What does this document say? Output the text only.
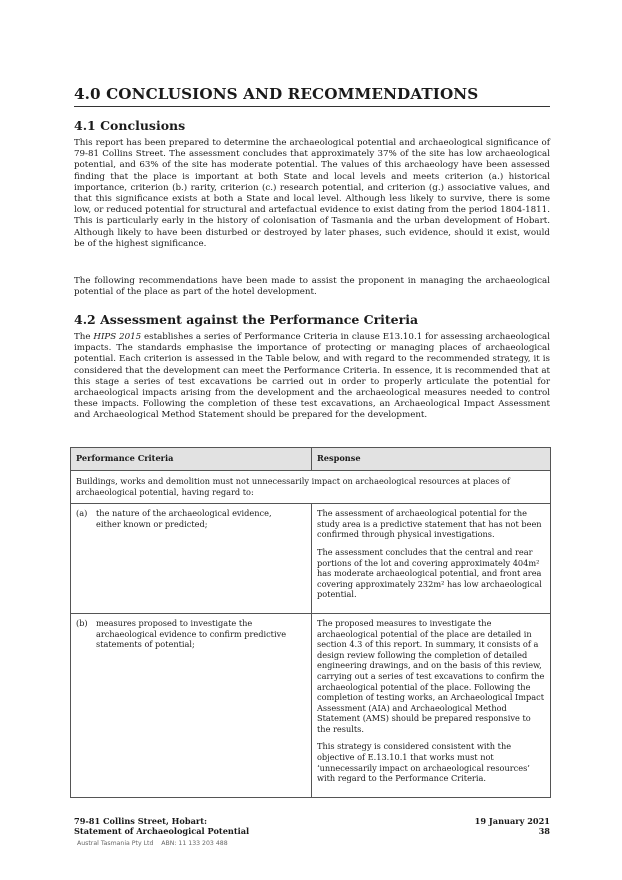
4.0 CONCLUSIONS AND RECOMMENDATIONS
4.1 Conclusions
This report has been prepared to determine the archaeological potential and archaeological significance of 79-81 Collins Street. The assessment concludes that approximately 37% of the site has low archaeological potential, and 63% of the site has moderate potential. The values of this archaeology have been assessed finding that the place is important at both State and local levels and meets criterion (a.) historical importance, criterion (b.) rarity, criterion (c.) research potential, and criterion (g.) associative values, and that this significance exists at both a State and local level. Although less likely to survive, there is some low, or reduced potential for structural and artefactual evidence to exist dating from the period 1804-1811. This is particularly early in the history of colonisation of Tasmania and the urban development of Hobart. Although likely to have been disturbed or destroyed by later phases, such evidence, should it exist, would be of the highest significance.
The following recommendations have been made to assist the proponent in managing the archaeological potential of the place as part of the hotel development.
4.2 Assessment against the Performance Criteria
The HIPS 2015 establishes a series of Performance Criteria in clause E13.10.1 for assessing archaeological impacts. The standards emphasise the importance of protecting or managing places of archaeological potential. Each criterion is assessed in the Table below, and with regard to the recommended strategy, it is considered that the development can meet the Performance Criteria. In essence, it is recommended that at this stage a series of test excavations be carried out in order to properly articulate the potential for archaeological impacts arising from the development and the archaeological measures needed to control these impacts. Following the completion of these test excavations, an Archaeological Impact Assessment and Archaeological Method Statement should be prepared for the development.
Performance Criteria	Response
Buildings, works and demolition must not unnecessarily impact on archaeological resources at places of archaeological potential, having regard to:	
(a) the nature of the archaeological evidence, either known or predicted;	The assessment of archaeological potential for the study area is a predictive statement that has not been confirmed through physical investigations.

The assessment concludes that the central and rear portions of the lot and covering approximately 404m² has moderate archaeological potential, and front area covering approximately 232m² has low archaeological potential.

(b) measures proposed to investigate the archaeological evidence to confirm predictive statements of potential;	The proposed measures to investigate the archaeological potential of the place are detailed in section 4.3 of this report. In summary, it consists of a design review following the completion of detailed engineering drawings, and on the basis of this review, carrying out a series of test excavations to confirm the archaeological potential of the place. Following the completion of testing works, an Archaeological Impact Assessment (AIA) and Archaeological Method Statement (AMS) should be prepared responsive to the results.

This strategy is considered consistent with the objective of E.13.10.1 that works must not ‘unnecessarily impact on archaeological resources’ with regard to the Performance Criteria.

79-81 Collins Street, Hobart:
Statement of Archaeological Potential
19 January 2021
38
Austral Tasmania Pty Ltd    ABN: 11 133 203 488
